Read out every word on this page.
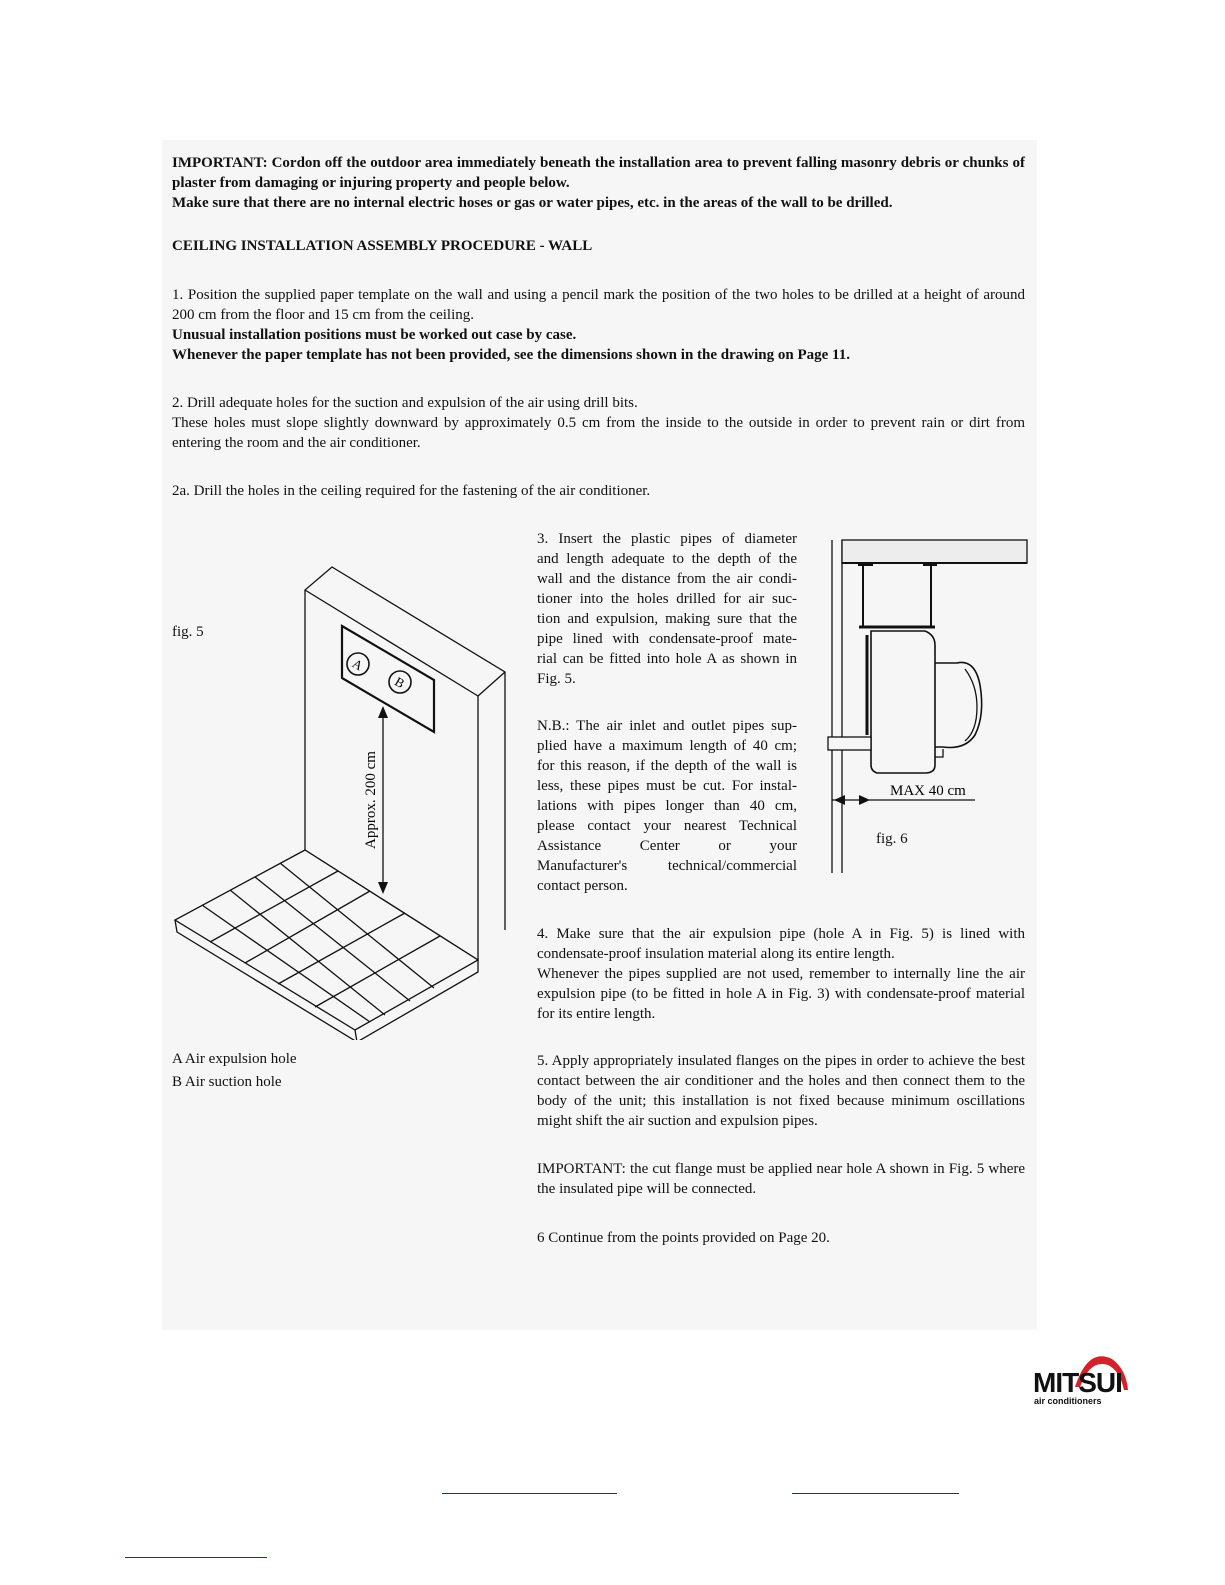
IMPORTANT: Cordon off the outdoor area immediately beneath the installation area to prevent falling masonry debris or chunks of plaster from damaging or injuring property and people below.

Make sure that there are no internal electric hoses or gas or water pipes, etc. in the areas of the wall to be drilled.

CEILING INSTALLATION ASSEMBLY PROCEDURE - WALL

1. Position the supplied paper template on the wall and using a pencil mark the position of the two holes to be drilled at a height of around 200 cm from the floor and 15 cm from the ceiling.

Unusual installation positions must be worked out case by case.

Whenever the paper template has not been provided, see the dimensions shown in the drawing on Page 11.

2. Drill adequate holes for the suction and expulsion of the air using drill bits.

These holes must slope slightly downward by approximately 0.5 cm from the inside to the outside in order to prevent rain or dirt from entering the room and the air conditioner.

2a. Drill the holes in the ceiling required for the fastening of the air conditioner.

3. Insert the plastic pipes of diameter

and length adequate to the depth of the

wall and the distance from the air condi-

tioner into the holes drilled for air suc-

tion and expulsion, making sure that the

pipe lined with condensate-proof mate-

rial can be fitted into hole A as shown in

Fig. 5.

N.B.: The air inlet and outlet pipes sup-

plied have a maximum length of 40 cm;

for this reason, if the depth of the wall is

less, these pipes must be cut. For instal-

lations with pipes longer than 40 cm,

please contact your nearest Technical

Assistance Center or your

Manufacturer's technical/commercial

contact person.

4. Make sure that the air expulsion pipe (hole A in Fig. 5) is lined with condensate-proof insulation material along its entire length.

Whenever the pipes supplied are not used, remember to internally line the air expulsion pipe (to be fitted in hole A in Fig. 3) with condensate-proof material for its entire length.

5. Apply appropriately insulated flanges on the pipes in order to achieve the best contact between the air conditioner and the holes and then connect them to the body of the unit; this installation is not fixed because minimum oscillations might shift the air suction and expulsion pipes.
IMPORTANT: the cut flange must be applied near hole A shown in Fig. 5 where the insulated pipe will be connected.
6 Continue from the points provided on Page 20.
fig. 5
A
B
Approx. 200 cm
A Air expulsion hole
B Air suction hole
MAX 40 cm
fig. 6
MITSUI
air conditioners
